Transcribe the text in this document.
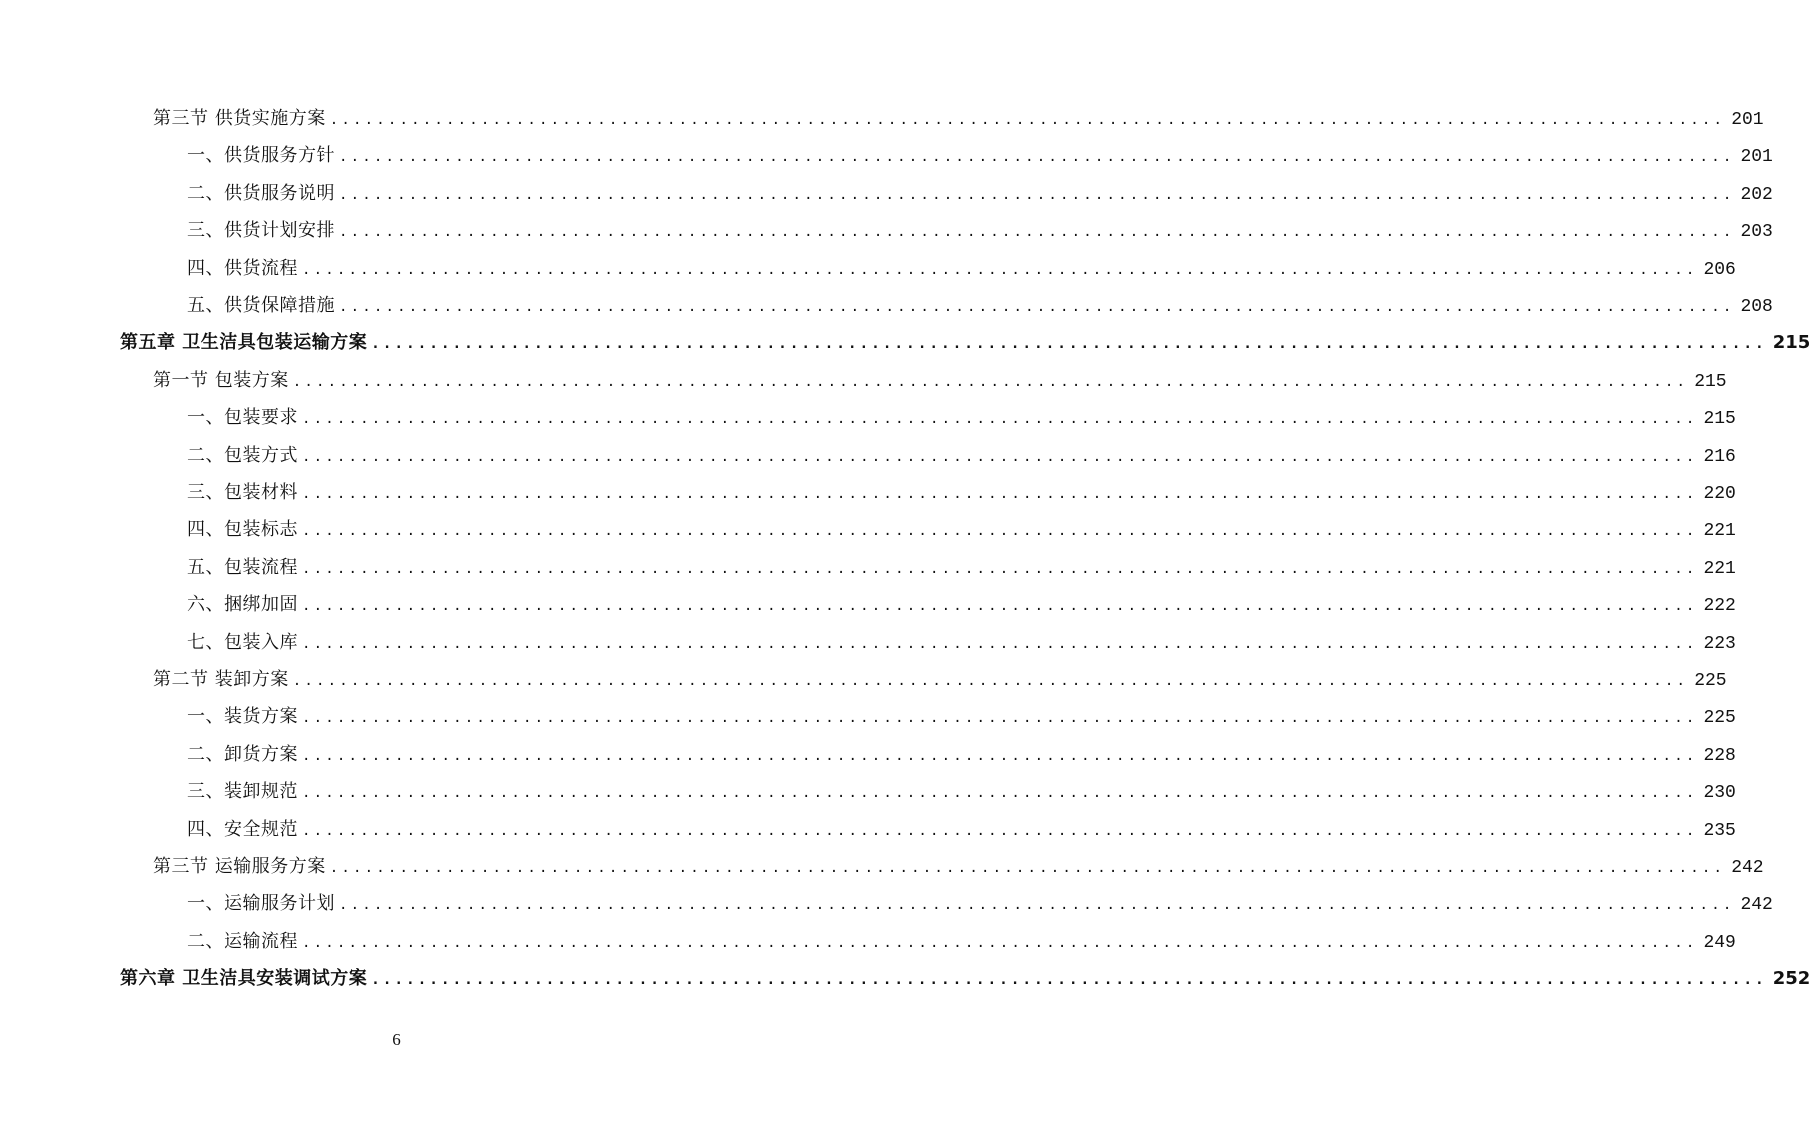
第三节 供货实施方案 ........................................................................................................................ 201
一、供货服务方针 ........................................................................................................................ 201
二、供货服务说明 ........................................................................................................................ 202
三、供货计划安排 ........................................................................................................................ 203
四、供货流程 ........................................................................................................................ 206
五、供货保障措施 ........................................................................................................................ 208
第五章 卫生洁具包装运输方案 ........................................................................................................................ 215
第一节 包装方案 ........................................................................................................................ 215
一、包装要求 ........................................................................................................................ 215
二、包装方式 ........................................................................................................................ 216
三、包装材料 ........................................................................................................................ 220
四、包装标志 ........................................................................................................................ 221
五、包装流程 ........................................................................................................................ 221
六、捆绑加固 ........................................................................................................................ 222
七、包装入库 ........................................................................................................................ 223
第二节 装卸方案 ........................................................................................................................ 225
一、装货方案 ........................................................................................................................ 225
二、卸货方案 ........................................................................................................................ 228
三、装卸规范 ........................................................................................................................ 230
四、安全规范 ........................................................................................................................ 235
第三节 运输服务方案 ........................................................................................................................ 242
一、运输服务计划 ........................................................................................................................ 242
二、运输流程 ........................................................................................................................ 249
第六章 卫生洁具安装调试方案 ........................................................................................................................ 252
6
